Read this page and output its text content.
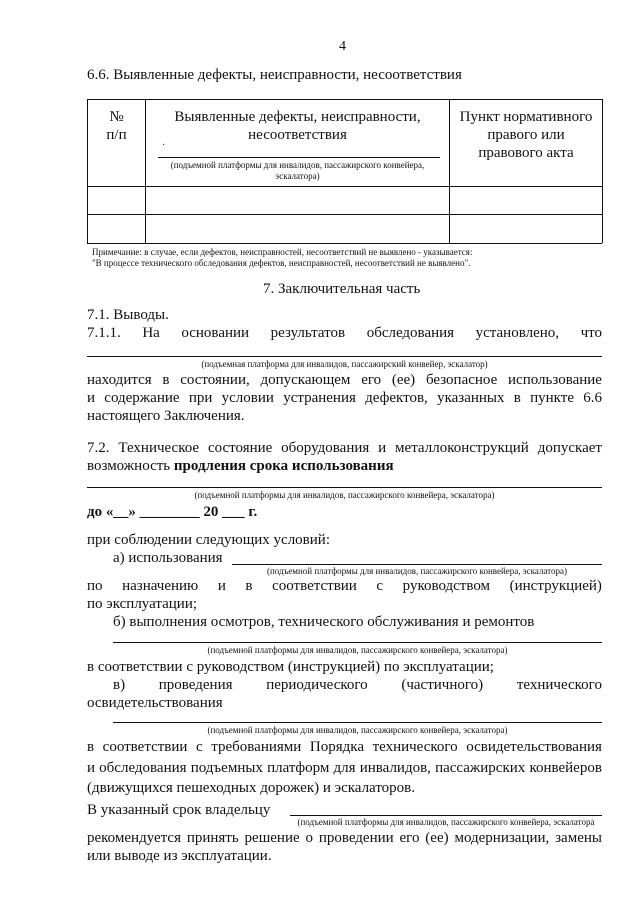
4
6.6. Выявленные дефекты, неисправности, несоответствия
№
п/п
Выявленные дефекты, неисправности,
несоответствия
·
(подъемной платформы для инвалидов, пассажирского конвейера,
эскалатора)
Пункт нормативного
правого или
правового акта
Примечание: в случае, если дефектов, неисправностей, несоответствий не выявлено - указывается:
"В процессе технического обследования дефектов, неисправностей, несоответствий не выявлено".
7. Заключительная часть
7.1. Выводы.
7.1.1. На основании результатов обследования установлено, что
(подъемная платформа для инвалидов, пассажирский конвейер, эскалатор)
находится в состоянии, допускающем его (ее) безопасное использование
и содержание при условии устранения дефектов, указанных в пункте 6.6
настоящего Заключения.
7.2. Техническое состояние оборудования и металлоконструкций допускает
возможность продления срока использования
(подъемной платформы для инвалидов, пассажирского конвейера, эскалатора)
до «__» ________ 20 ___ г.
при соблюдении следующих условий:
а) использования
(подъемной платформы для инвалидов, пассажирского конвейера, эскалатора)
по назначению и в соответствии с руководством (инструкцией)
по эксплуатации;
б) выполнения осмотров, технического обслуживания и ремонтов
(подъемной платформы для инвалидов, пассажирского конвейера, эскалатора)
в соответствии с руководством (инструкцией) по эксплуатации;
в) проведения периодического (частичного) технического
освидетельствования
(подъемной платформы для инвалидов, пассажирского конвейера, эскалатора)
в соответствии с требованиями Порядка технического освидетельствования
и обследования подъемных платформ для инвалидов, пассажирских конвейеров
(движущихся пешеходных дорожек) и эскалаторов.
В указанный срок владельцу
(подъемной платформы для инвалидов, пассажирского конвейера, эскалатора
рекомендуется принять решение о проведении его (ее) модернизации, замены
или выводе из эксплуатации.
